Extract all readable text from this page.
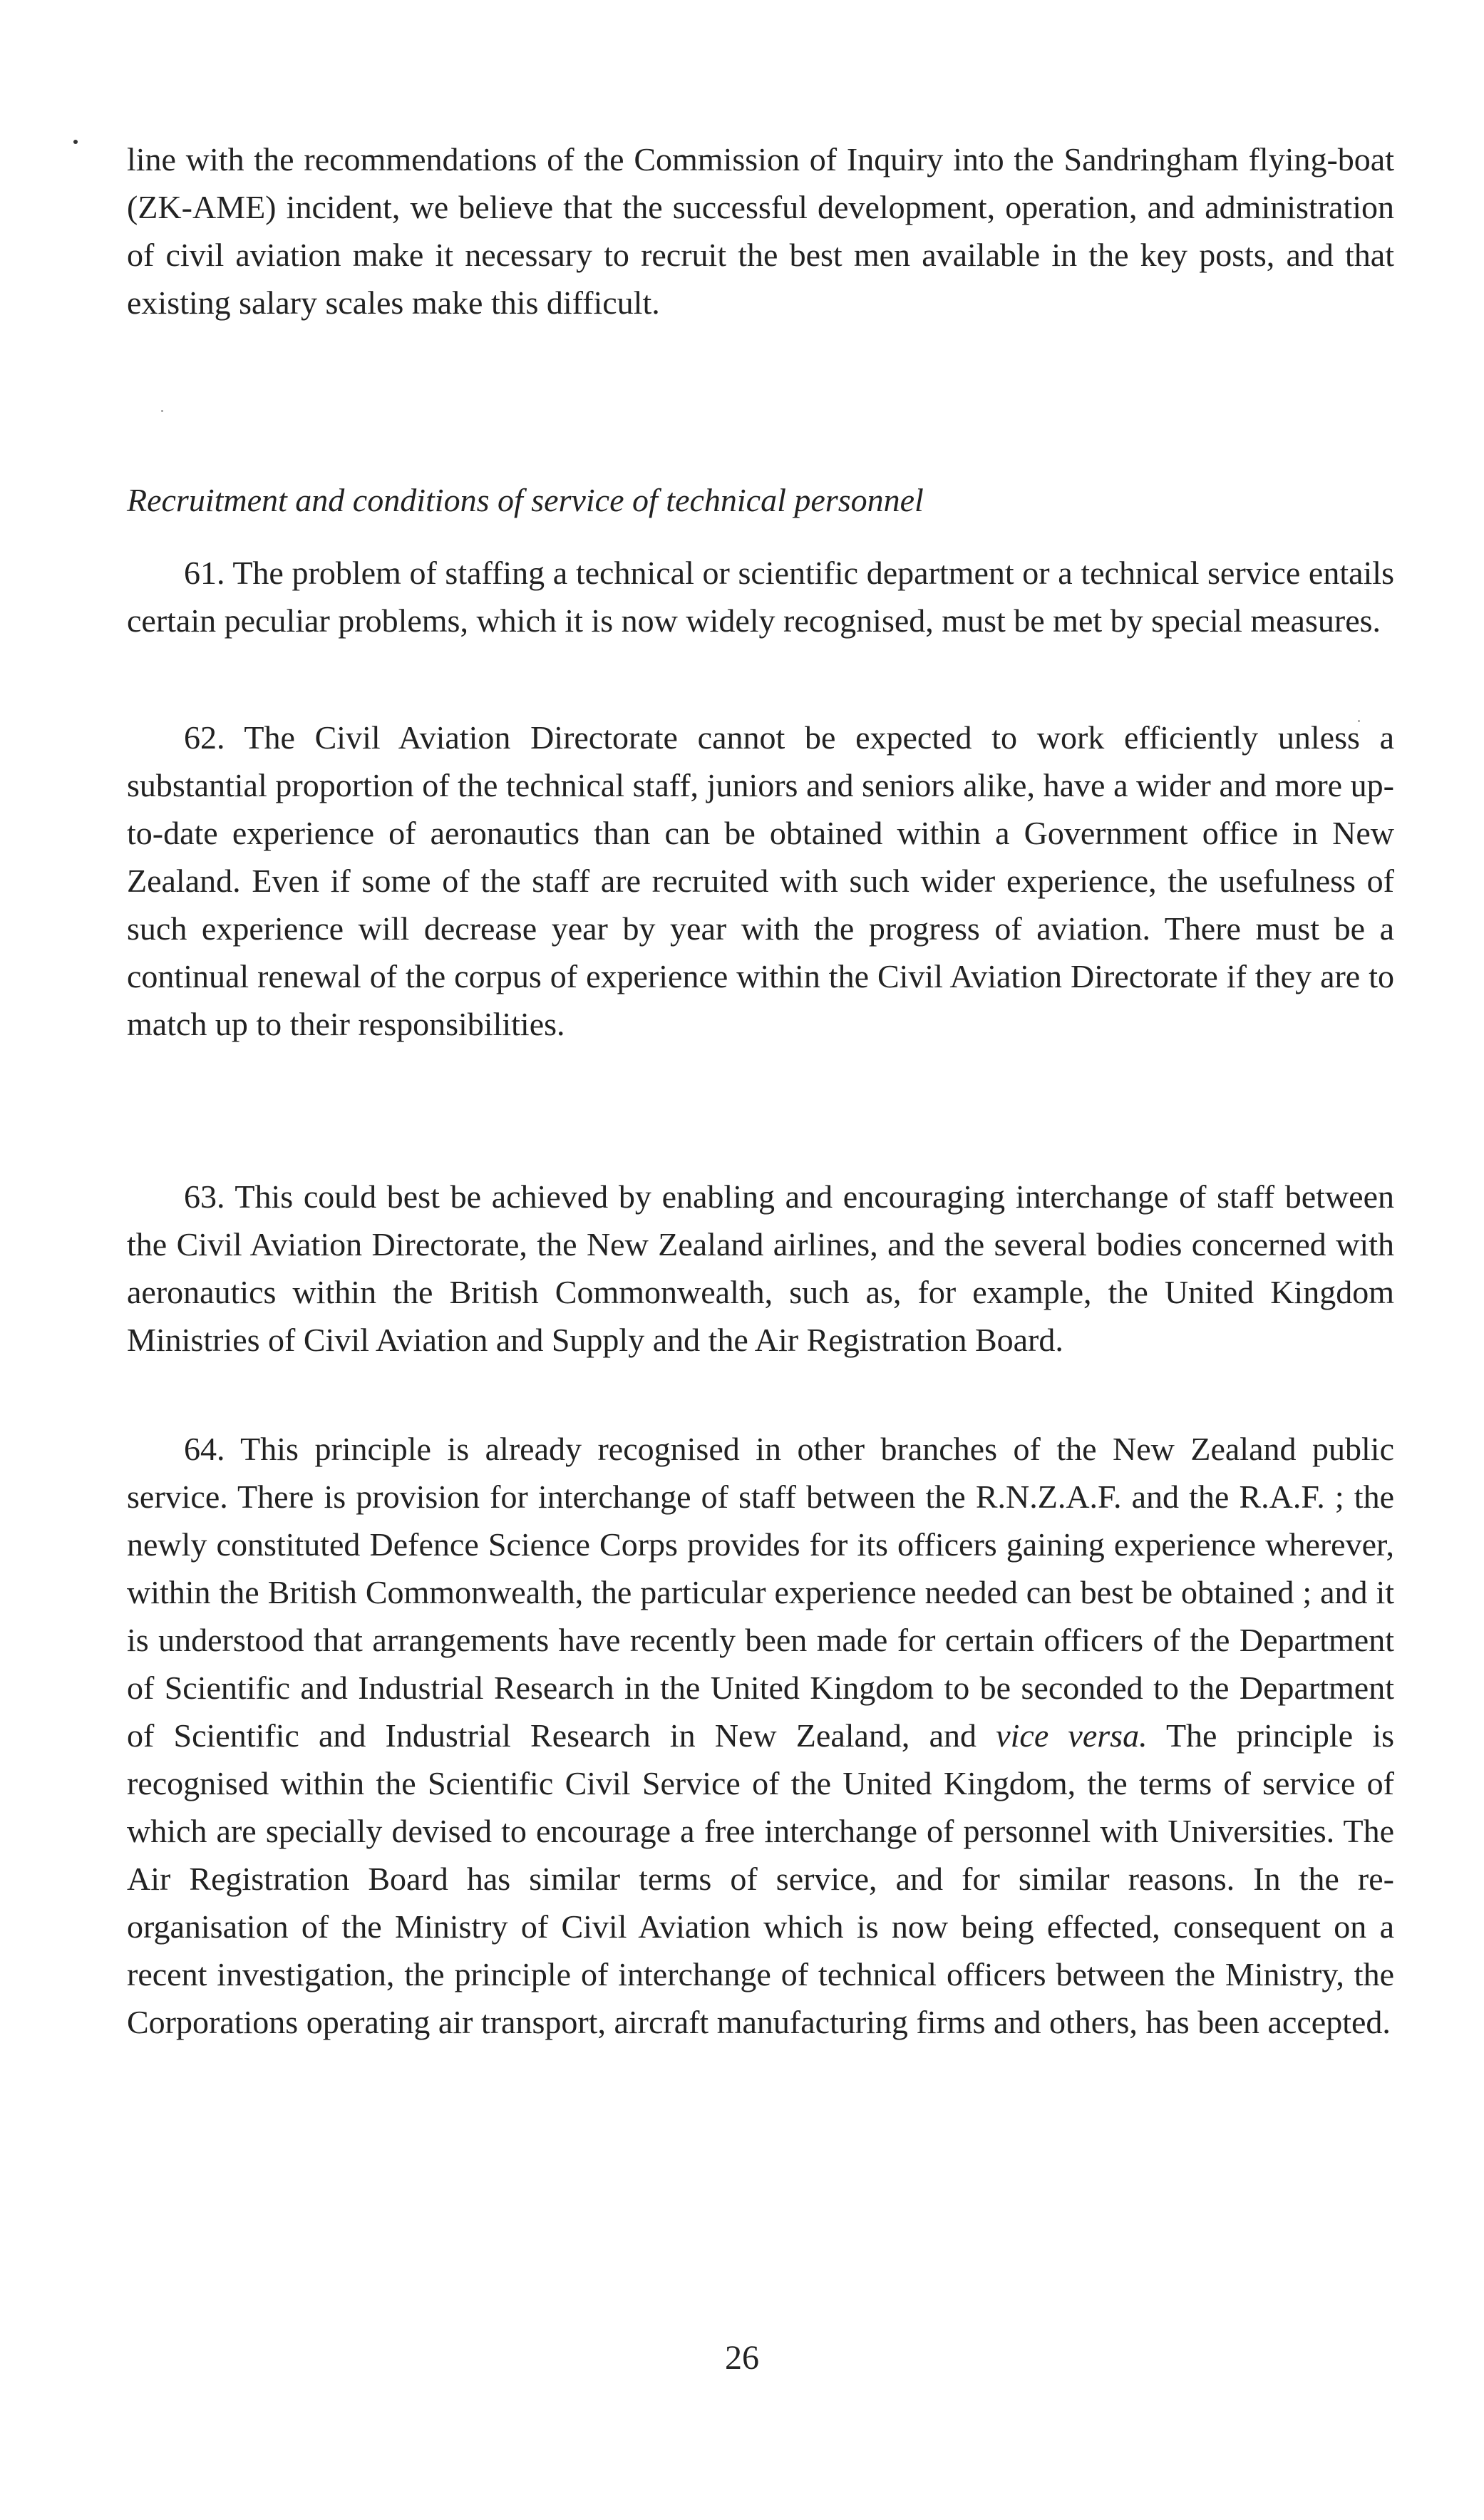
line with the recommendations of the Commission of Inquiry into the Sandringham flying-boat (ZK-AME) incident, we believe that the successful development, operation, and administration of civil aviation make it necessary to recruit the best men available in the key posts, and that existing salary scales make this difficult.

Recruitment and conditions of service of technical personnel

61. The problem of staffing a technical or scientific department or a technical service entails certain peculiar problems, which it is now widely recognised, must be met by special measures.

62. The Civil Aviation Directorate cannot be expected to work efficiently unless a substantial proportion of the technical staff, juniors and seniors alike, have a wider and more up-to-date experience of aeronautics than can be obtained within a Government office in New Zealand. Even if some of the staff are recruited with such wider experience, the usefulness of such experience will decrease year by year with the progress of aviation. There must be a continual renewal of the corpus of experience within the Civil Aviation Directorate if they are to match up to their responsibilities.

63. This could best be achieved by enabling and encouraging interchange of staff between the Civil Aviation Directorate, the New Zealand airlines, and the several bodies concerned with aeronautics within the British Commonwealth, such as, for example, the United Kingdom Ministries of Civil Aviation and Supply and the Air Registration Board.

64. This principle is already recognised in other branches of the New Zealand public service. There is provision for interchange of staff between the R.N.Z.A.F. and the R.A.F. ; the newly constituted Defence Science Corps provides for its officers gaining experience wherever, within the British Commonwealth, the particular experience needed can best be obtained ; and it is understood that arrangements have recently been made for certain officers of the Department of Scientific and Industrial Research in the United Kingdom to be seconded to the Department of Scientific and Industrial Research in New Zealand, and vice versa. The principle is recognised within the Scientific Civil Service of the United Kingdom, the terms of service of which are specially devised to encourage a free interchange of personnel with Universities. The Air Registration Board has similar terms of service, and for similar reasons. In the re-organisation of the Ministry of Civil Aviation which is now being effected, consequent on a recent investigation, the principle of interchange of technical officers between the Ministry, the Corporations operating air transport, aircraft manufacturing firms and others, has been accepted.

26
